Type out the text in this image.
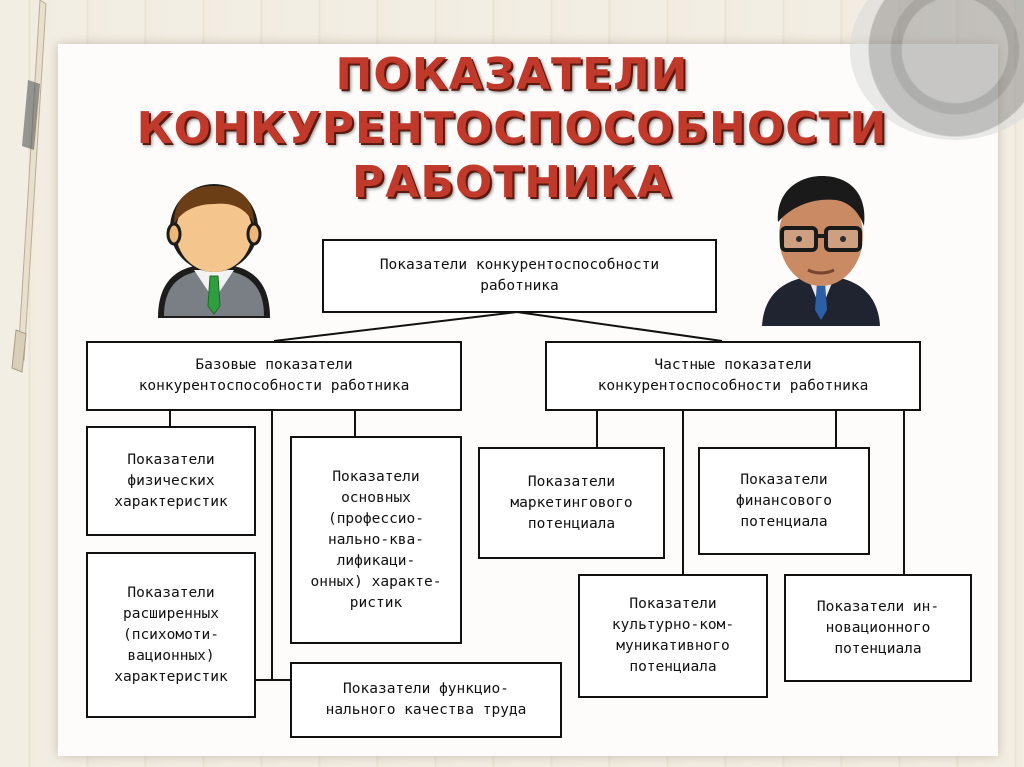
ПОКАЗАТЕЛИ
КОНКУРЕНТОСПОСОБНОСТИ
РАБОТНИКА
Показатели конкурентоспособности
работника
Базовые показатели
конкурентоспособности работника
Показатели
физических
характеристик
Показатели
расширенных
(психомоти-
вационных)
характеристик
Показатели
основных
(профессио-
нально-ква-
лификаци-
онных) характе-
ристик
Показатели функцио-
нального качества труда
Частные показатели
конкурентоспособности работника
Показатели
маркетингового
потенциала
Показатели
финансового
потенциала
Показатели
культурно-ком-
муникативного
потенциала
Показатели ин-
новационного
потенциала
